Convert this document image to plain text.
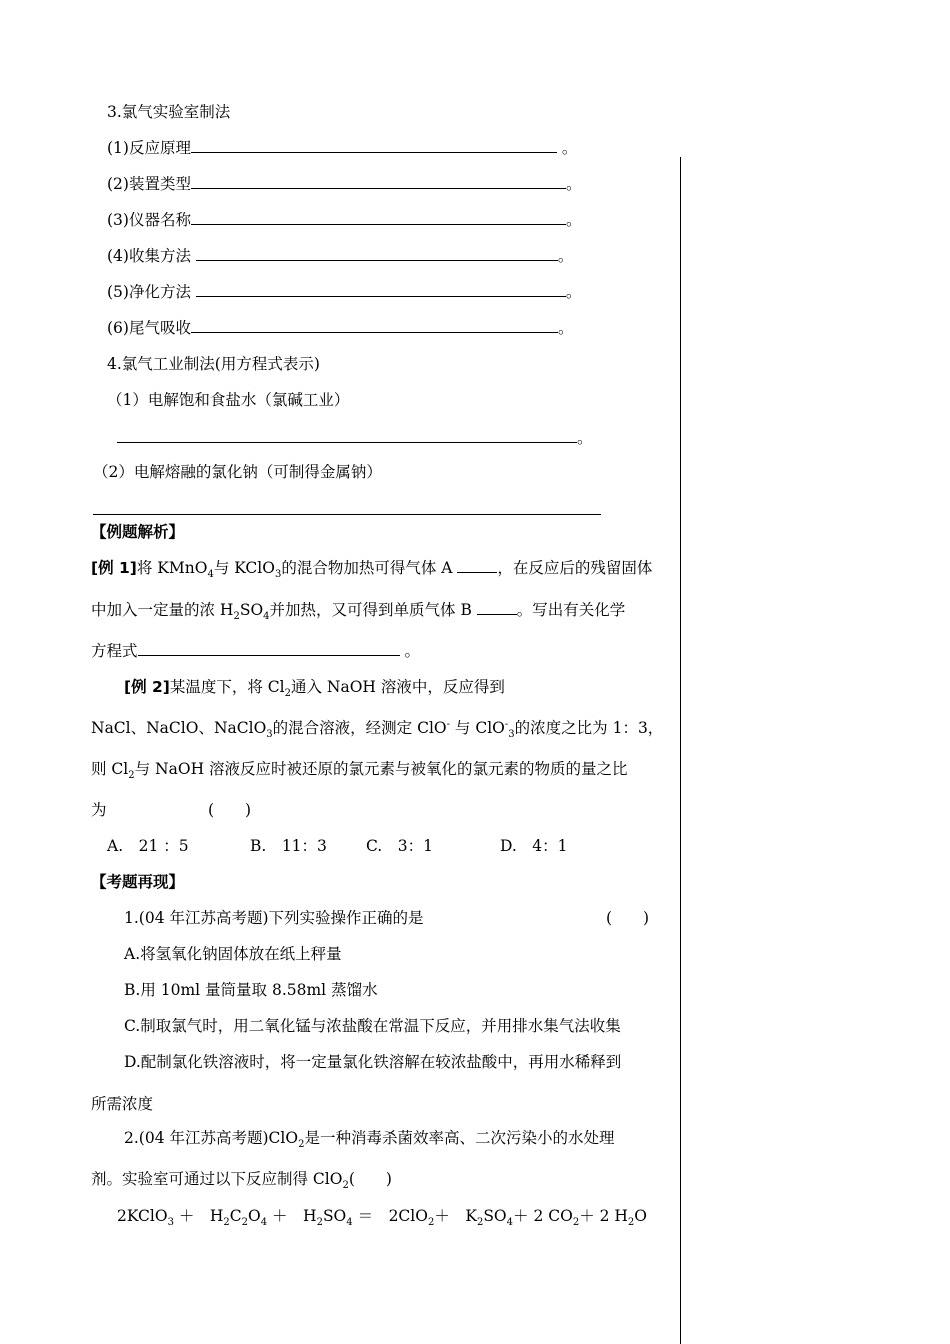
3.氯气实验室制法
(1)反应原理	。
(2)装置类型	。
(3)仪器名称	。
(4)收集方法	。
(5)净化方法	。
(6)尾气吸收	。
4.氯气工业制法(用方程式表示)
（1）电解饱和食盐水（氯碱工业）
。
（2）电解熔融的氯化钠（可制得金属钠）
【例题解析】
[例 1]将 KMnO$_4$与 KClO$_3$的混合物加热可得气体 A	，在反应后的残留固体
中加入一定量的浓 $H_2SO_4$并加热，又可得到单质气体 B	。写出有关化学
方程式	。
[例 2]某温度下，将 $Cl_2$通入 NaOH 溶液中，反应得到
NaCl、NaClO、NaClO$_3$的混合溶液，经测定 ClO- 与 ClO-$_3$的浓度之比为 1：3，
则 $Cl_2$与 NaOH 溶液反应时被还原的氯元素与被氧化的氯元素的物质的量之比
为	(　　)
A.　21 ：5	B.　11：3	C.　3：1	D.　4：1
【考题再现】
1.(04 年江苏高考题)下列实验操作正确的是	(　　)
A.将氢氧化钠固体放在纸上秤量
B.用 10ml 量筒量取 8.58ml 蒸馏水
C.制取氯气时，用二氧化锰与浓盐酸在常温下反应，并用排水集气法收集
D.配制氯化铁溶液时，将一定量氯化铁溶解在较浓盐酸中，再用水稀释到
所需浓度
2.(04 年江苏高考题)ClO$_2$是一种消毒杀菌效率高、二次污染小的水处理
剂。实验室可通过以下反应制得 ClO$_2$(　　)
2KClO$_3$ ＋　$H_2C_2O_4$ ＋　$H_2SO_4$ ＝　2ClO$_2$＋　$K_2SO_4+ 2$ $CO_2+ 2$ $H_2O$
